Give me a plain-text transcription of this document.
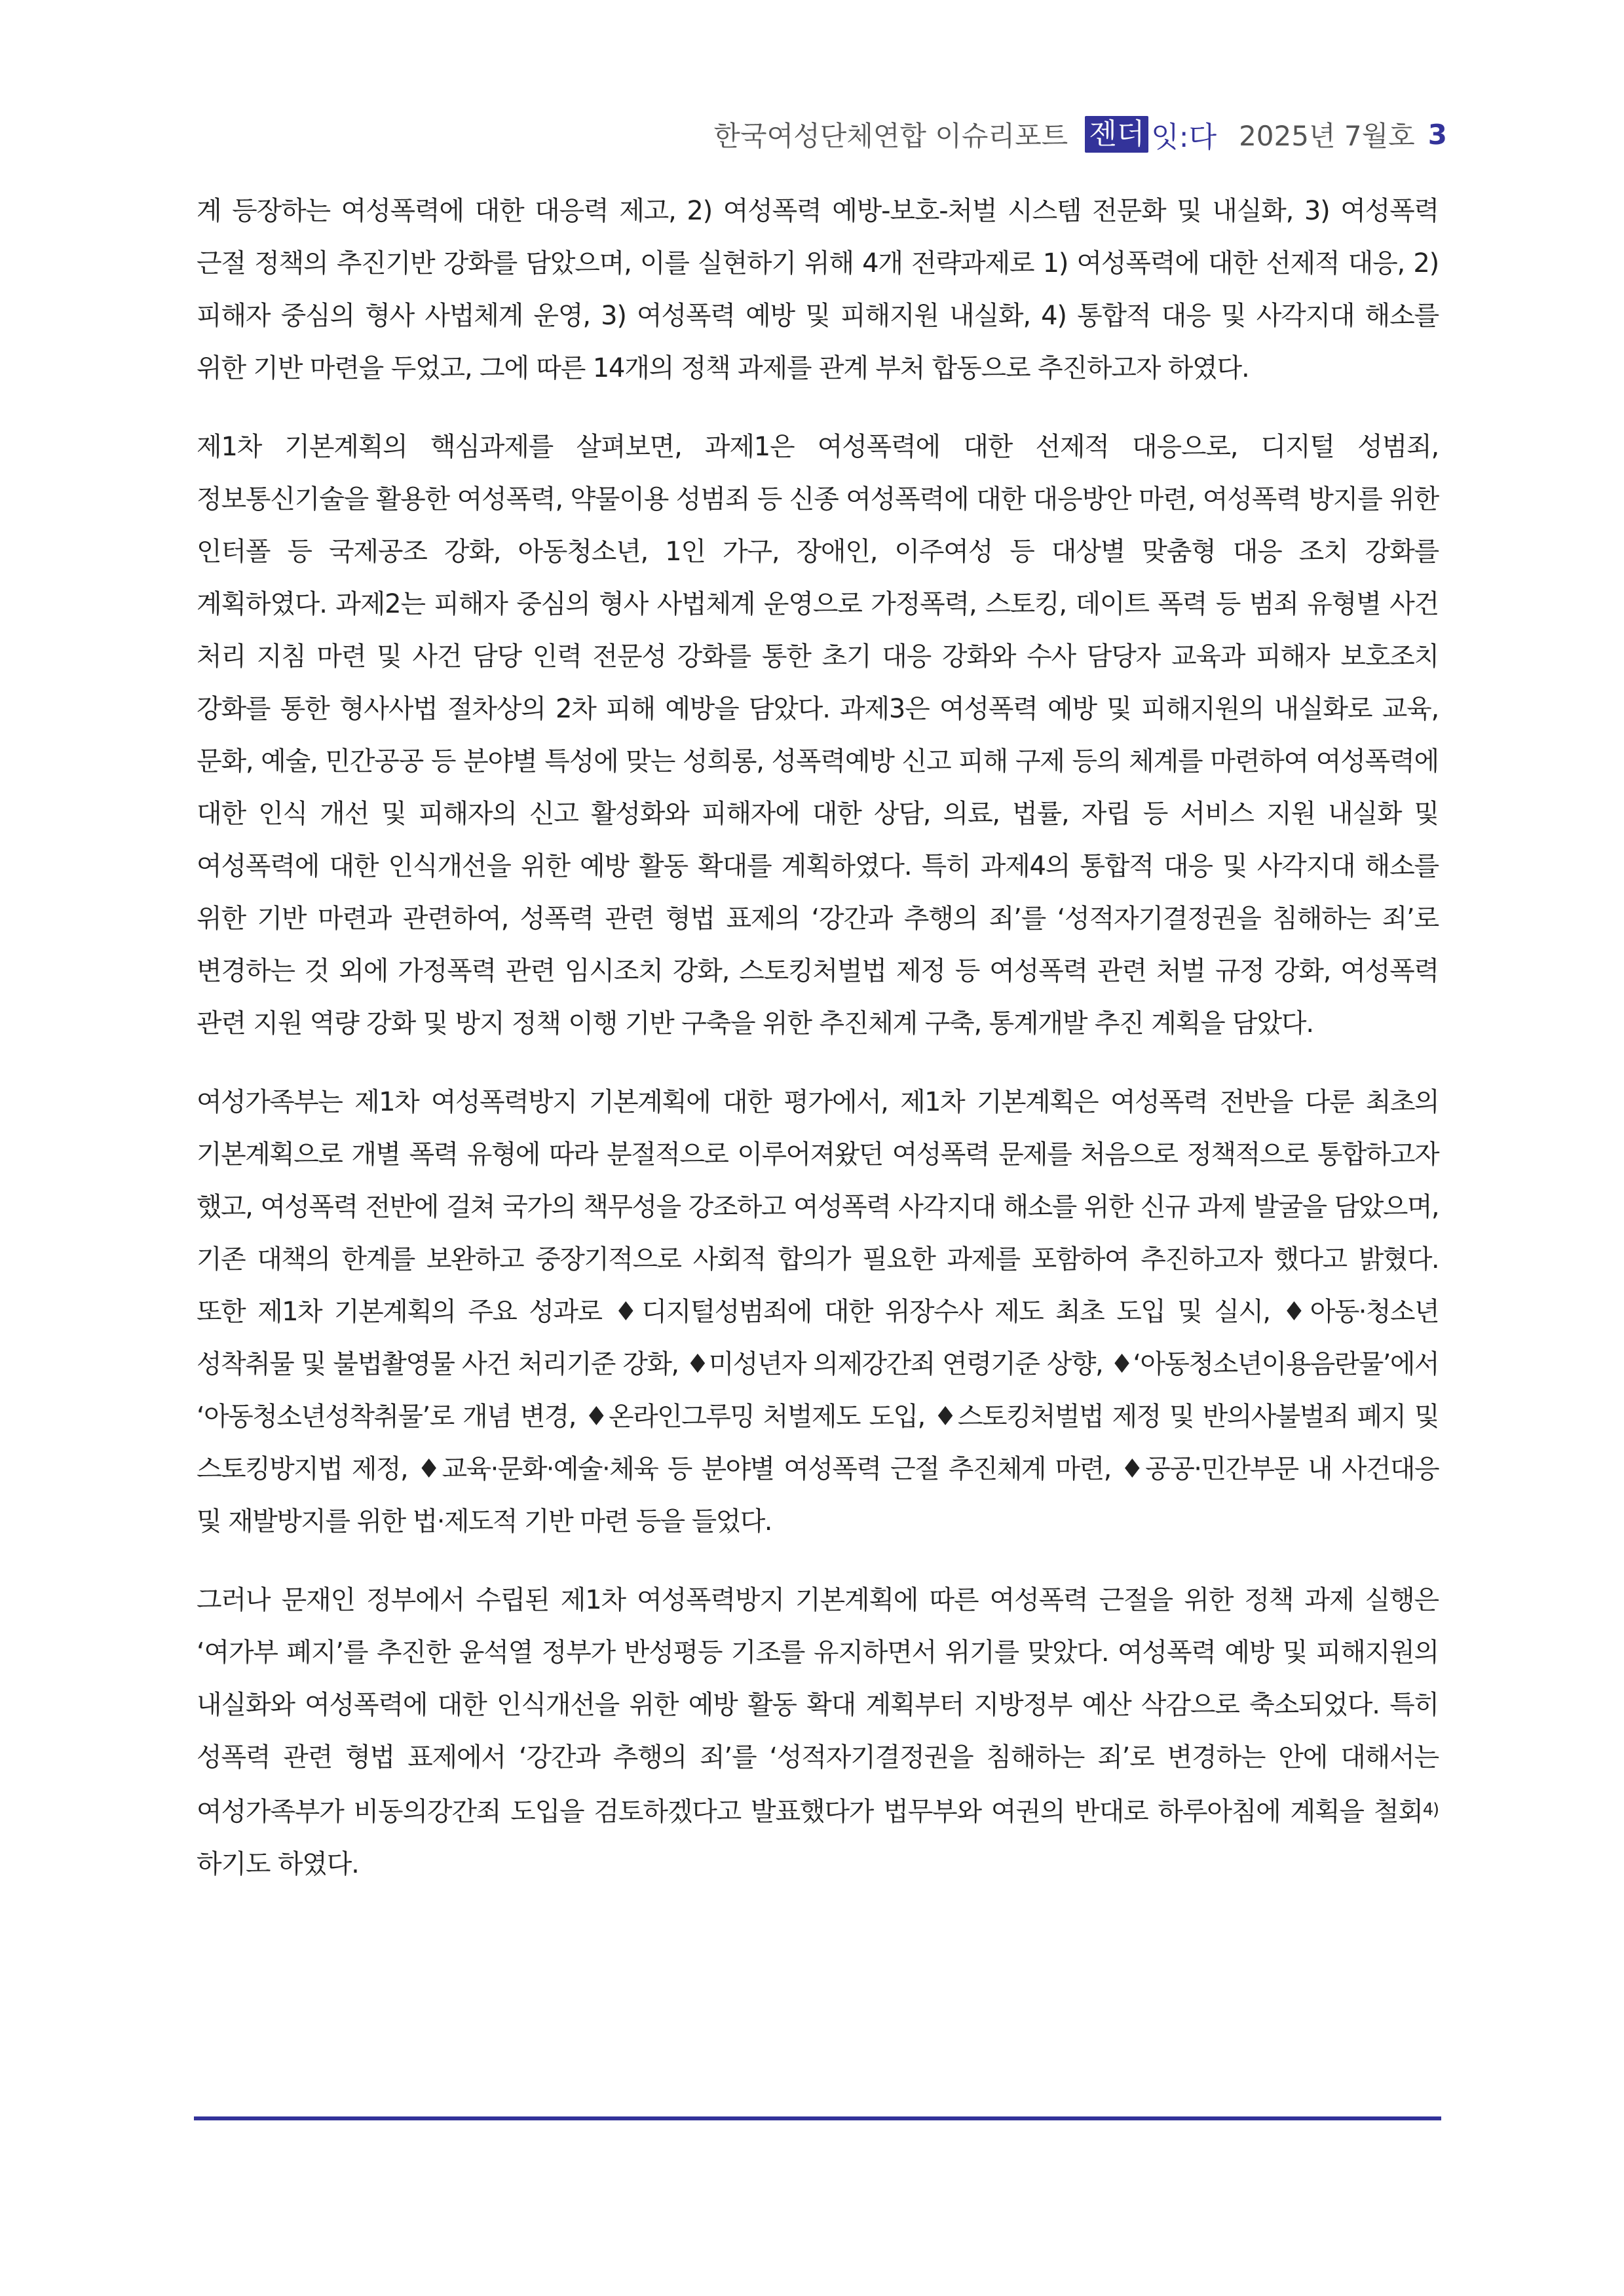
한국여성단체연합 이슈리포트 젠더 잇:다 2025년 7월호 3

계 등장하는 여성폭력에 대한 대응력 제고, 2) 여성폭력 예방-보호-처벌 시스템 전문화 및 내실화, 3) 여성폭력 근절 정책의 추진기반 강화를 담았으며, 이를 실현하기 위해 4개 전략과제로 1) 여성폭력에 대한 선제적 대응, 2) 피해자 중심의 형사 사법체계 운영, 3) 여성폭력 예방 및 피해지원 내실화, 4) 통합적 대응 및 사각지대 해소를 위한 기반 마련을 두었고, 그에 따른 14개의 정책 과제를 관계 부처 합동으로 추진하고자 하였다.

제1차 기본계획의 핵심과제를 살펴보면, 과제1은 여성폭력에 대한 선제적 대응으로, 디지털 성범죄, 정보통신기술을 활용한 여성폭력, 약물이용 성범죄 등 신종 여성폭력에 대한 대응방안 마련, 여성폭력 방지를 위한 인터폴 등 국제공조 강화, 아동청소년, 1인 가구, 장애인, 이주여성 등 대상별 맞춤형 대응 조치 강화를 계획하였다. 과제2는 피해자 중심의 형사 사법체계 운영으로 가정폭력, 스토킹, 데이트 폭력 등 범죄 유형별 사건 처리 지침 마련 및 사건 담당 인력 전문성 강화를 통한 초기 대응 강화와 수사 담당자 교육과 피해자 보호조치 강화를 통한 형사사법 절차상의 2차 피해 예방을 담았다. 과제3은 여성폭력 예방 및 피해지원의 내실화로 교육, 문화, 예술, 민간공공 등 분야별 특성에 맞는 성희롱, 성폭력예방 신고 피해 구제 등의 체계를 마련하여 여성폭력에 대한 인식 개선 및 피해자의 신고 활성화와 피해자에 대한 상담, 의료, 법률, 자립 등 서비스 지원 내실화 및 여성폭력에 대한 인식개선을 위한 예방 활동 확대를 계획하였다. 특히 과제4의 통합적 대응 및 사각지대 해소를 위한 기반 마련과 관련하여, 성폭력 관련 형법 표제의 ‘강간과 추행의 죄’를 ‘성적자기결정권을 침해하는 죄’로 변경하는 것 외에 가정폭력 관련 임시조치 강화, 스토킹처벌법 제정 등 여성폭력 관련 처벌 규정 강화, 여성폭력 관련 지원 역량 강화 및 방지 정책 이행 기반 구축을 위한 추진체계 구축, 통계개발 추진 계획을 담았다.

여성가족부는 제1차 여성폭력방지 기본계획에 대한 평가에서, 제1차 기본계획은 여성폭력 전반을 다룬 최초의 기본계획으로 개별 폭력 유형에 따라 분절적으로 이루어져왔던 여성폭력 문제를 처음으로 정책적으로 통합하고자 했고, 여성폭력 전반에 걸쳐 국가의 책무성을 강조하고 여성폭력 사각지대 해소를 위한 신규 과제 발굴을 담았으며, 기존 대책의 한계를 보완하고 중장기적으로 사회적 합의가 필요한 과제를 포함하여 추진하고자 했다고 밝혔다. 또한 제1차 기본계획의 주요 성과로 ♦디지털성범죄에 대한 위장수사 제도 최초 도입 및 실시, ♦아동·청소년 성착취물 및 불법촬영물 사건 처리기준 강화, ♦미성년자 의제강간죄 연령기준 상향, ♦‘아동청소년이용음란물’에서 ‘아동청소년성착취물’로 개념 변경, ♦온라인그루밍 처벌제도 도입, ♦스토킹처벌법 제정 및 반의사불벌죄 폐지 및 스토킹방지법 제정, ♦교육·문화·예술·체육 등 분야별 여성폭력 근절 추진체계 마련, ♦공공·민간부문 내 사건대응 및 재발방지를 위한 법·제도적 기반 마련 등을 들었다.

그러나 문재인 정부에서 수립된 제1차 여성폭력방지 기본계획에 따른 여성폭력 근절을 위한 정책 과제 실행은 ‘여가부 폐지’를 추진한 윤석열 정부가 반성평등 기조를 유지하면서 위기를 맞았다. 여성폭력 예방 및 피해지원의 내실화와 여성폭력에 대한 인식개선을 위한 예방 활동 확대 계획부터 지방정부 예산 삭감으로 축소되었다. 특히 성폭력 관련 형법 표제에서 ‘강간과 추행의 죄’를 ‘성적자기결정권을 침해하는 죄’로 변경하는 안에 대해서는 여성가족부가 비동의강간죄 도입을 검토하겠다고 발표했다가 법무부와 여권의 반대로 하루아침에 계획을 철회$^{4)}$하기도 하였다.
